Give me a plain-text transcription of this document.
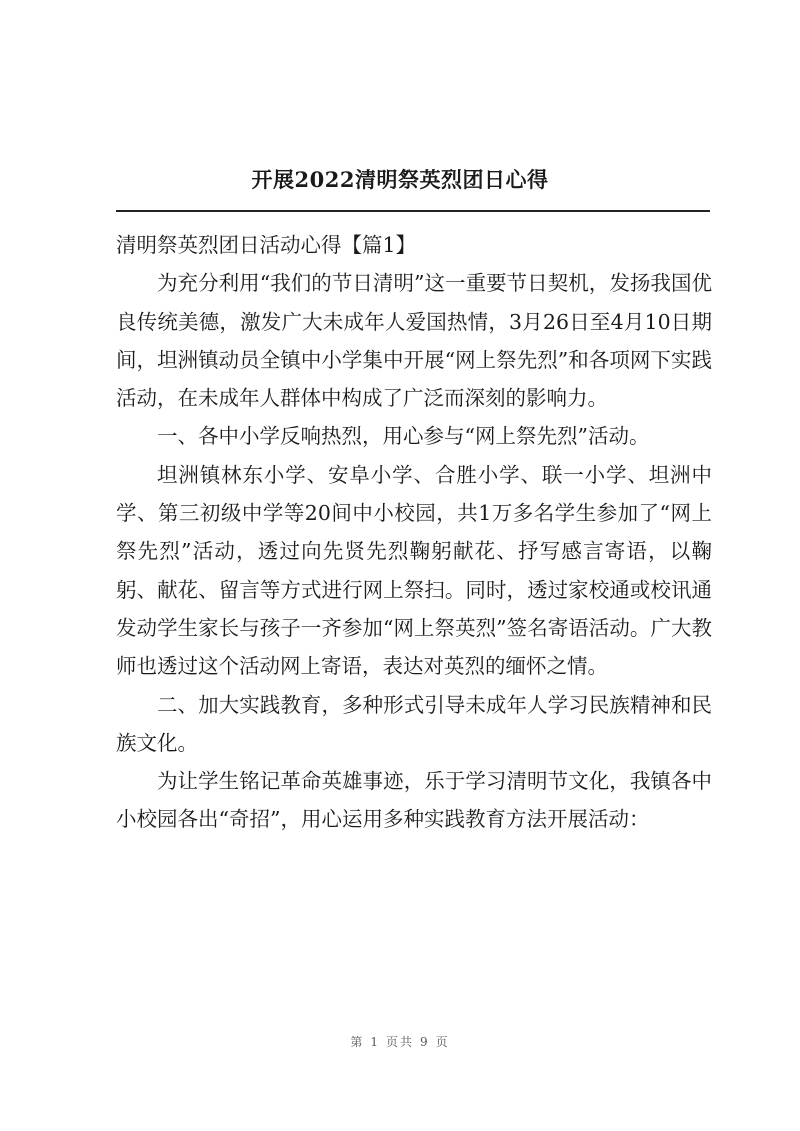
开展2022清明祭英烈团日心得

清明祭英烈团日活动心得【篇1】

为充分利用“我们的节日清明”这一重要节日契机，发扬我国优良传统美德，激发广大未成年人爱国热情，3月26日至4月10日期间，坦洲镇动员全镇中小学集中开展“网上祭先烈”和各项网下实践活动，在未成年人群体中构成了广泛而深刻的影响力。

一、各中小学反响热烈，用心参与“网上祭先烈”活动。

坦洲镇林东小学、安阜小学、合胜小学、联一小学、坦洲中学、第三初级中学等20间中小校园，共1万多名学生参加了“网上祭先烈”活动，透过向先贤先烈鞠躬献花、抒写感言寄语，以鞠躬、献花、留言等方式进行网上祭扫。同时，透过家校通或校讯通发动学生家长与孩子一齐参加“网上祭英烈”签名寄语活动。广大教师也透过这个活动网上寄语，表达对英烈的缅怀之情。

二、加大实践教育，多种形式引导未成年人学习民族精神和民族文化。

为让学生铭记革命英雄事迹，乐于学习清明节文化，我镇各中小校园各出“奇招”，用心运用多种实践教育方法开展活动：

第 1 页共 9 页
